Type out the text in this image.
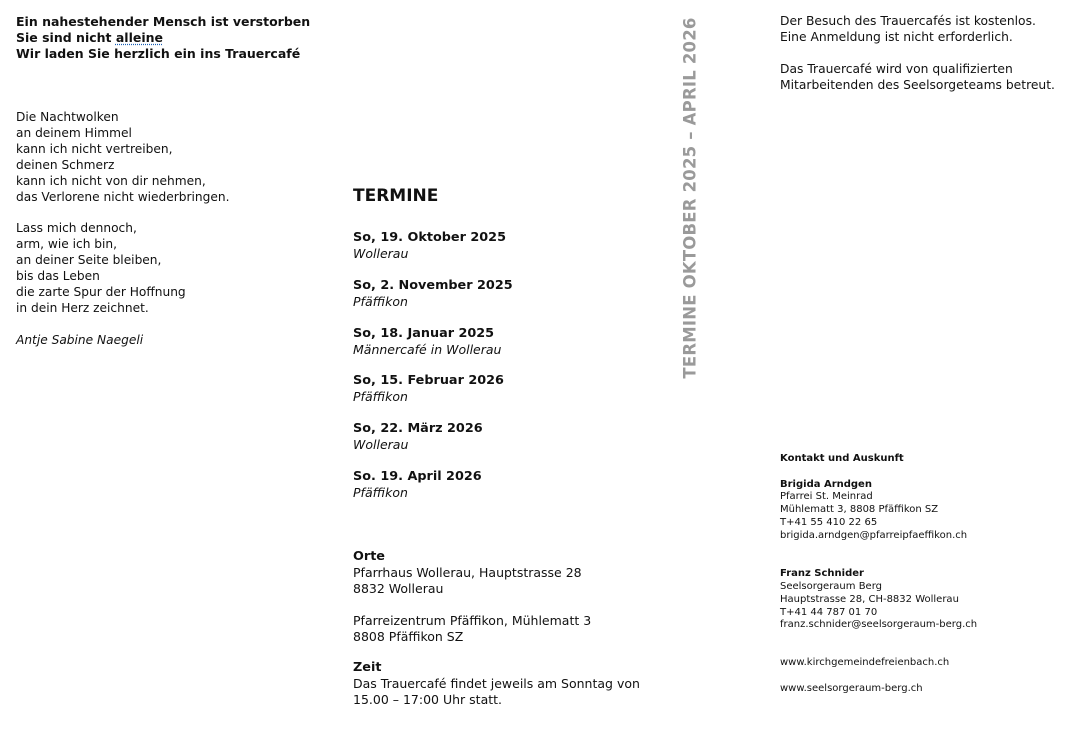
Ein nahestehender Mensch ist verstorben
Sie sind nicht alleine
Wir laden Sie herzlich ein ins Trauercafé
Die Nachtwolken
an deinem Himmel
kann ich nicht vertreiben,
deinen Schmerz
kann ich nicht von dir nehmen,
das Verlorene nicht wiederbringen.
Lass mich dennoch,
arm, wie ich bin,
an deiner Seite bleiben,
bis das Leben
die zarte Spur der Hoffnung
in dein Herz zeichnet.
Antje Sabine Naegeli
TERMINE
So, 19. Oktober 2025
Wollerau
So, 2. November 2025
Pfäffikon
So, 18. Januar 2025
Männercafé in Wollerau
So, 15. Februar 2026
Pfäffikon
So, 22. März 2026
Wollerau
So. 19. April 2026
Pfäffikon
Orte
Pfarrhaus Wollerau, Hauptstrasse 28
8832 Wollerau
Pfarreizentrum Pfäffikon, Mühlematt 3
8808 Pfäffikon SZ
Zeit
Das Trauercafé findet jeweils am Sonntag von
15.00 – 17:00 Uhr statt.
TERMINE OKTOBER 2025 – APRIL 2026	Der Besuch des Trauercafés ist kostenlos.
Eine Anmeldung ist nicht erforderlich.
Das Trauercafé wird von qualifizierten
Mitarbeitenden des Seelsorgeteams betreut.
Kontakt und Auskunft
Brigida Arndgen
Pfarrei St. Meinrad
Mühlematt 3, 8808 Pfäffikon SZ
T+41 55 410 22 65
brigida.arndgen@pfarreipfaeffikon.ch
Franz Schnider
Seelsorgeraum Berg
Hauptstrasse 28, CH-8832 Wollerau
T+41 44 787 01 70
franz.schnider@seelsorgeraum-berg.ch
www.kirchgemeindefreienbach.ch
www.seelsorgeraum-berg.ch
